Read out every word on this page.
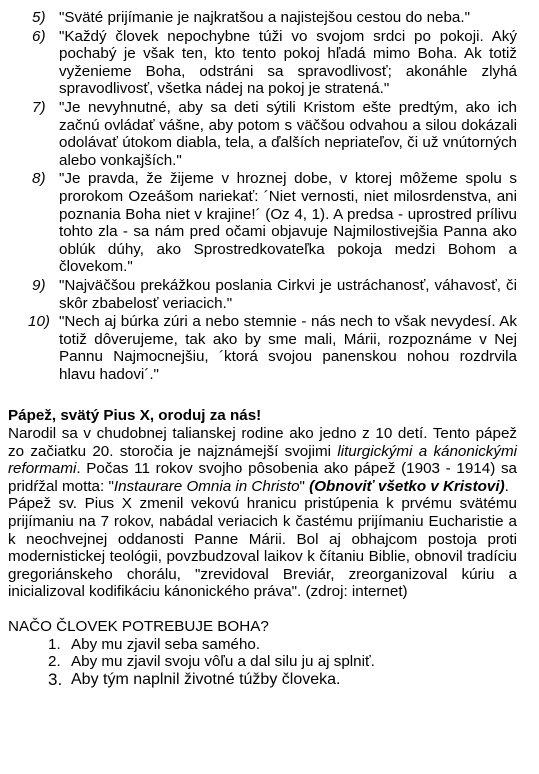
5) "Sväté prijímanie je najkratšou a najistejšou cestou do neba."
6) "Každý človek nepochybne túži vo svojom srdci po pokoji. Aký pochabý je však ten, kto tento pokoj hľadá mimo Boha. Ak totiž vyženieme Boha, odstráni sa spravodlivosť; akonáhle zlyhá spravodlivosť, všetka nádej na pokoj je stratená."
7) "Je nevyhnutné, aby sa deti sýtili Kristom ešte predtým, ako ich začnú ovládať vášne, aby potom s väčšou odvahou a silou dokázali odolávať útokom diabla, tela, a ďalších nepriateľov, či už vnútorných alebo vonkajších."
8) "Je pravda, že žijeme v hroznej dobe, v ktorej môžeme spolu s prorokom Ozeášom nariekať: ´Niet vernosti, niet milosrdenstva, ani poznania Boha niet v krajine!´ (Oz 4, 1). A predsa - uprostred prílivu tohto zla - sa nám pred očami objavuje Najmilostivejšia Panna ako oblúk dúhy, ako Sprostredkovateľka pokoja medzi Bohom a človekom."
9) "Najväčšou prekážkou poslania Cirkvi je ustráchanosť, váhavosť, či skôr zbabelosť veriacich."
10) "Nech aj búrka zúri a nebo stemnie - nás nech to však nevydesí. Ak totiž dôverujeme, tak ako by sme mali, Márii, rozpoznáme v Nej Pannu Najmocnejšiu, ´ktorá svojou panenskou nohou rozdrvila hlavu hadovi´."
Pápež, svätý Pius X, oroduj za nás!

Narodil sa v chudobnej talianskej rodine ako jedno z 10 detí. Tento pápež zo začiatku 20. storočia je najznámejší svojimi liturgickými a kánonickými reformami. Počas 11 rokov svojho pôsobenia ako pápež (1903 - 1914) sa pridŕžal motta: "Instaurare Omnia in Christo" (Obnoviť všetko v Kristovi).

Pápež sv. Pius X zmenil vekovú hranicu pristúpenia k prvému svätému prijímaniu na 7 rokov, nabádal veriacich k častému prijímaniu Eucharistie a k neochvejnej oddanosti Panne Márii. Bol aj obhajcom postoja proti modernistickej teológii, povzbudzoval laikov k čítaniu Biblie, obnovil tradíciu gregoriánskeho chorálu, "zrevidoval Breviár, zreorganizoval kúriu a inicializoval kodifikáciu kánonického práva". (zdroj: internet)

NAČO ČLOVEK POTREBUJE BOHA?
1. Aby mu zjavil seba samého.
2. Aby mu zjavil svoju vôľu a dal silu ju aj splniť.
3. Aby tým naplnil životné túžby človeka.
